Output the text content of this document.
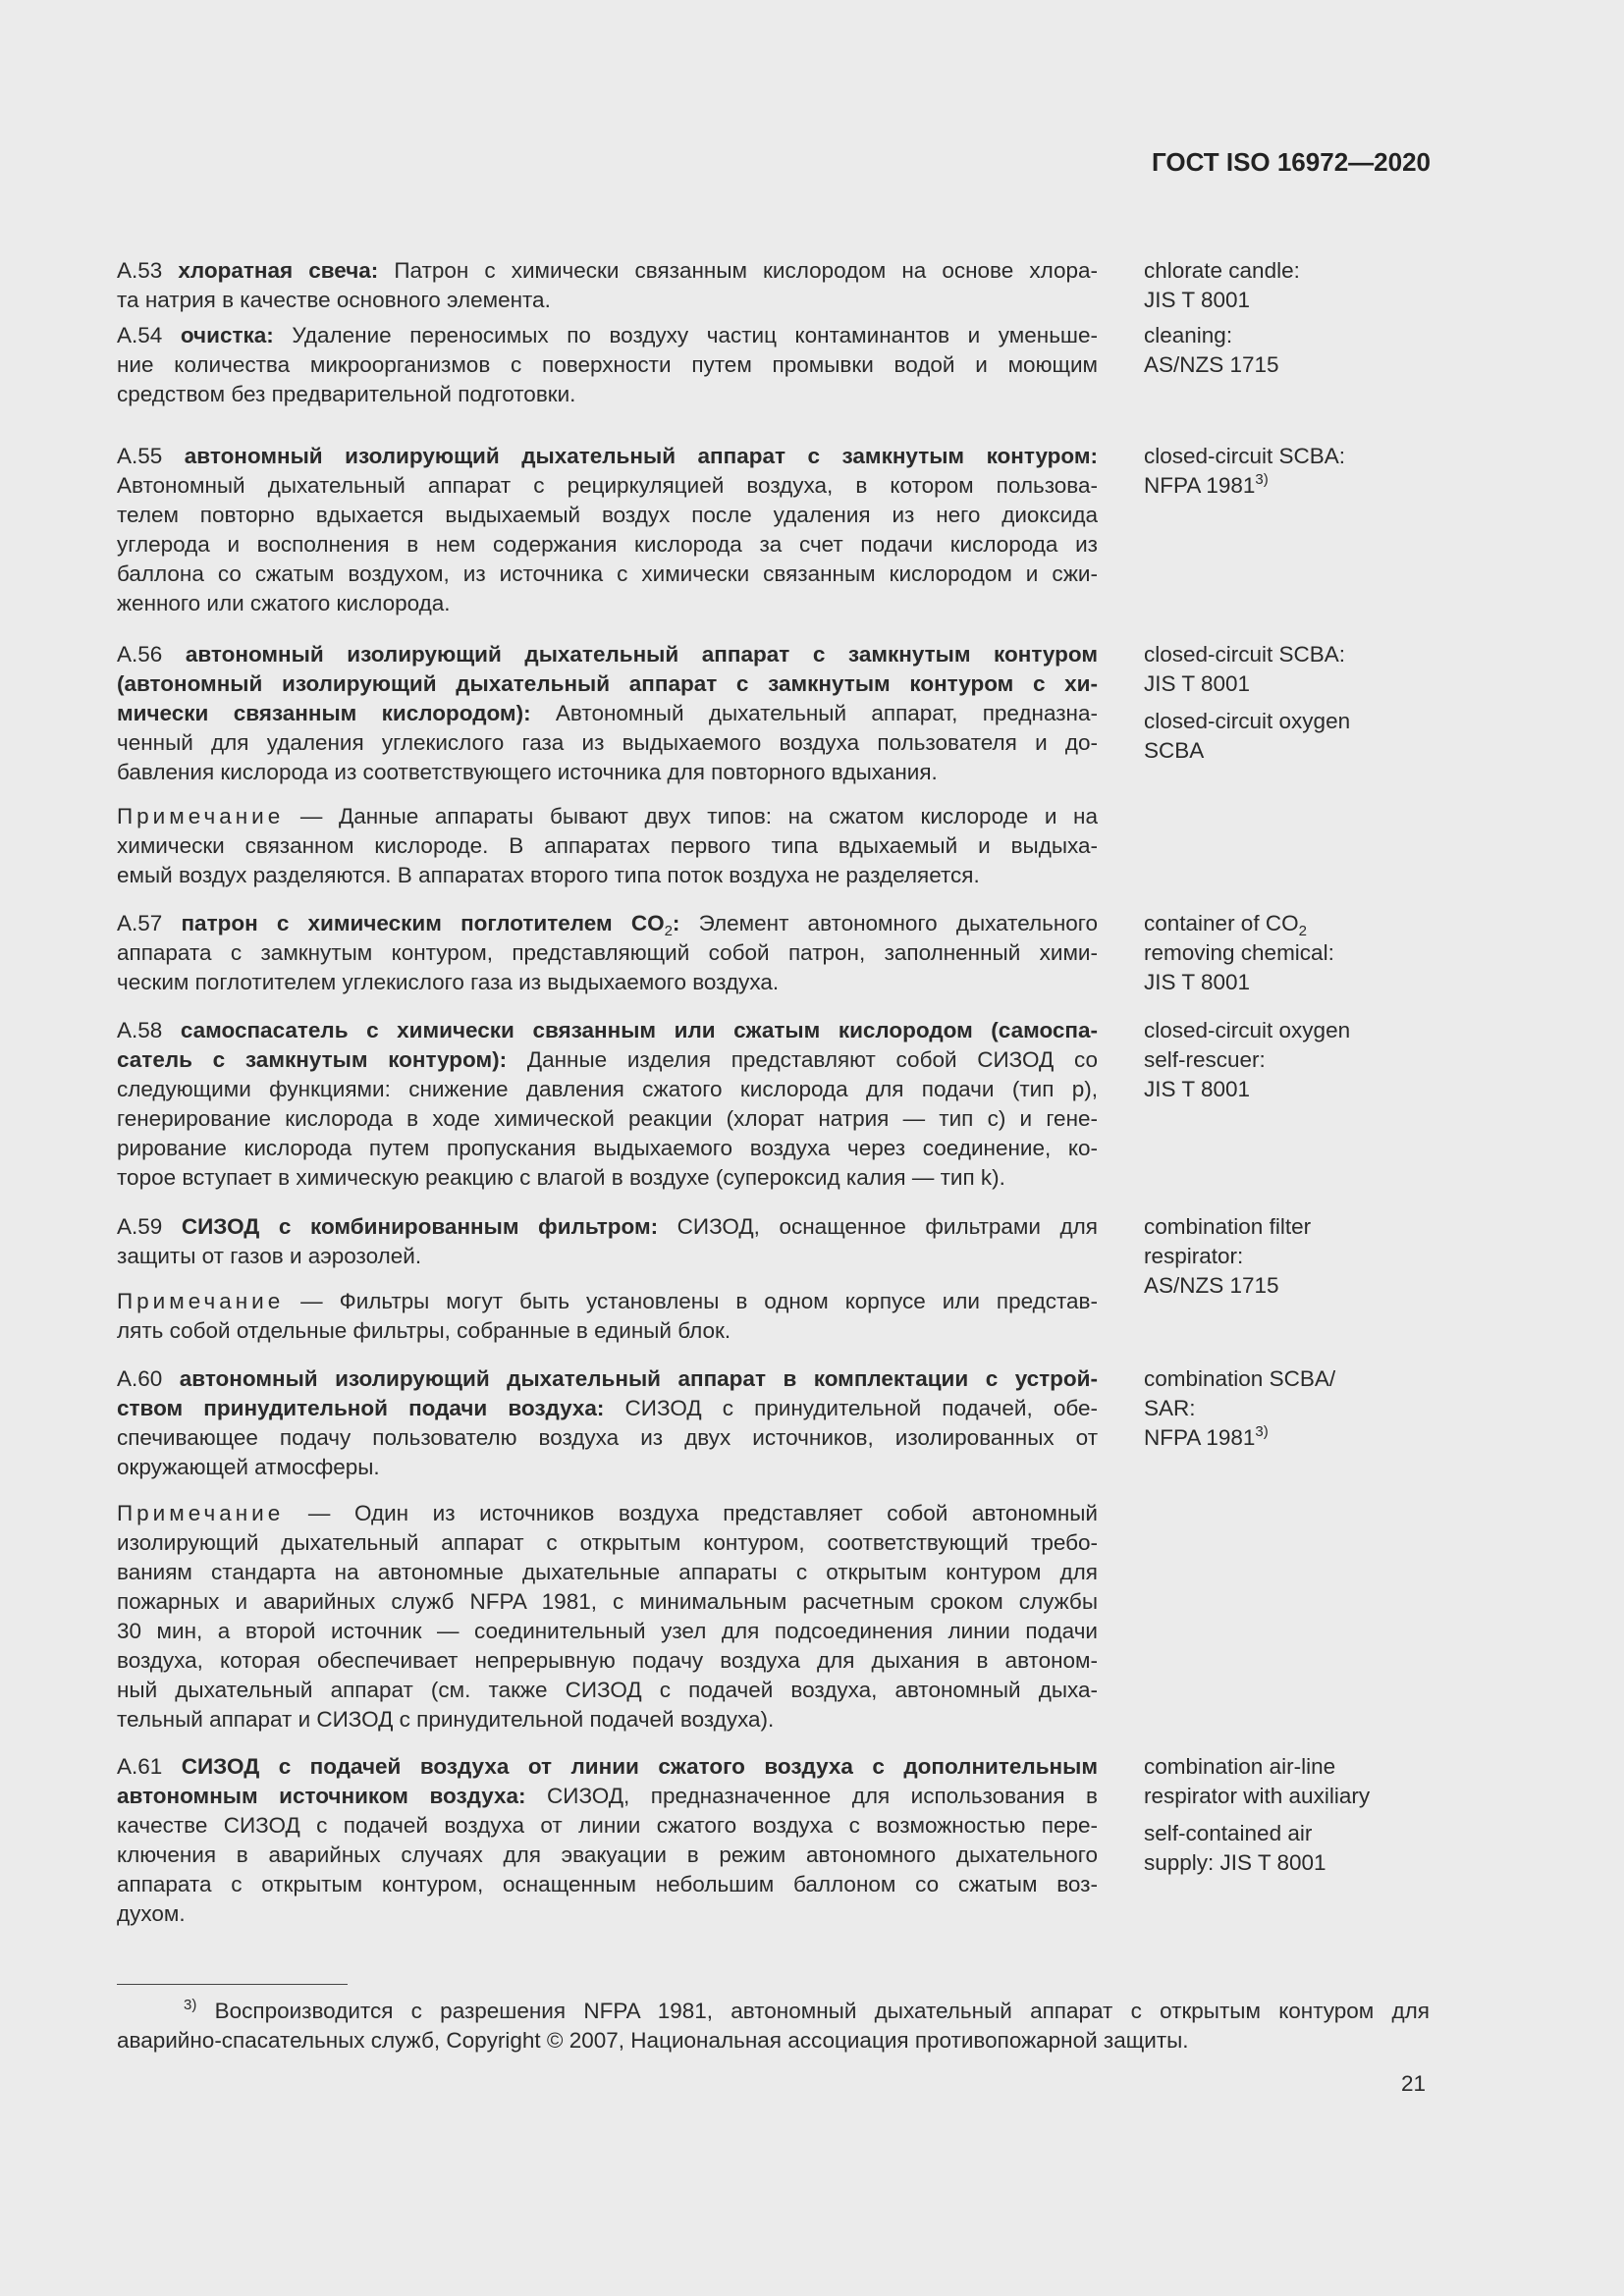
ГОСТ ISO 16972—2020
А.53 хлоратная свеча: Патрон с химически связанным кислородом на основе хлора-
та натрия в качестве основного элемента.
chlorate candle:
JIS T 8001
А.54 очистка: Удаление переносимых по воздуху частиц контаминантов и уменьше-
ние количества микроорганизмов с поверхности путем промывки водой и моющим
средством без предварительной подготовки.
cleaning:
AS/NZS 1715
А.55 автономный изолирующий дыхательный аппарат с замкнутым контуром:
Автономный дыхательный аппарат с рециркуляцией воздуха, в котором пользова-
телем повторно вдыхается выдыхаемый воздух после удаления из него диоксида
углерода и восполнения в нем содержания кислорода за счет подачи кислорода из
баллона со сжатым воздухом, из источника с химически связанным кислородом и сжи-
женного или сжатого кислорода.
closed-circuit SCBA:
NFPA 1981$^{3)}$
А.56 автономный изолирующий дыхательный аппарат с замкнутым контуром
(автономный изолирующий дыхательный аппарат с замкнутым контуром с хи-
мически связанным кислородом): Автономный дыхательный аппарат, предназна-
ченный для удаления углекислого газа из выдыхаемого воздуха пользователя и до-
бавления кислорода из соответствующего источника для повторного вдыхания.
closed-circuit SCBA:
JIS T 8001
closed-circuit oxygen
SCBA
Примечание — Данные аппараты бывают двух типов: на сжатом кислороде и на
химически связанном кислороде. В аппаратах первого типа вдыхаемый и выдыха-
емый воздух разделяются. В аппаратах второго типа поток воздуха не разделяется.
А.57 патрон с химическим поглотителем $CO_2$: Элемент автономного дыхательного
аппарата с замкнутым контуром, представляющий собой патрон, заполненный хими-
ческим поглотителем углекислого газа из выдыхаемого воздуха.
container of $CO_2$
removing chemical:
JIS T 8001
А.58 самоспасатель с химически связанным или сжатым кислородом (самоспа-
сатель с замкнутым контуром): Данные изделия представляют собой СИЗОД со
следующими функциями: снижение давления сжатого кислорода для подачи (тип p),
генерирование кислорода в ходе химической реакции (хлорат натрия — тип c) и гене-
рирование кислорода путем пропускания выдыхаемого воздуха через соединение, ко-
торое вступает в химическую реакцию с влагой в воздухе (супероксид калия — тип k).
closed-circuit oxygen
self-rescuer:
JIS T 8001
А.59 СИЗОД с комбинированным фильтром: СИЗОД, оснащенное фильтрами для
защиты от газов и аэрозолей.
combination filter
respirator:
AS/NZS 1715
Примечание — Фильтры могут быть установлены в одном корпусе или представ-
лять собой отдельные фильтры, собранные в единый блок.
А.60 автономный изолирующий дыхательный аппарат в комплектации с устрой-
ством принудительной подачи воздуха: СИЗОД с принудительной подачей, обе-
спечивающее подачу пользователю воздуха из двух источников, изолированных от
окружающей атмосферы.
combination SCBA/
SAR:
NFPA 1981$^{3)}$
Примечание — Один из источников воздуха представляет собой автономный
изолирующий дыхательный аппарат с открытым контуром, соответствующий требо-
ваниям стандарта на автономные дыхательные аппараты с открытым контуром для
пожарных и аварийных служб NFPA 1981, с минимальным расчетным сроком службы
30 мин, а второй источник — соединительный узел для подсоединения линии подачи
воздуха, которая обеспечивает непрерывную подачу воздуха для дыхания в автоном-
ный дыхательный аппарат (см. также СИЗОД с подачей воздуха, автономный дыха-
тельный аппарат и СИЗОД с принудительной подачей воздуха).
А.61 СИЗОД с подачей воздуха от линии сжатого воздуха с дополнительным
автономным источником воздуха: СИЗОД, предназначенное для использования в
качестве СИЗОД с подачей воздуха от линии сжатого воздуха с возможностью пере-
ключения в аварийных случаях для эвакуации в режим автономного дыхательного
аппарата с открытым контуром, оснащенным небольшим баллоном со сжатым воз-
духом.
combination air-line
respirator with auxiliary
self-contained air
supply: JIS T 8001
$^{3)}$ Воспроизводится с разрешения NFPA 1981, автономный дыхательный аппарат с открытым контуром для
аварийно-спасательных служб, Copyright © 2007, Национальная ассоциация противопожарной защиты.
21
